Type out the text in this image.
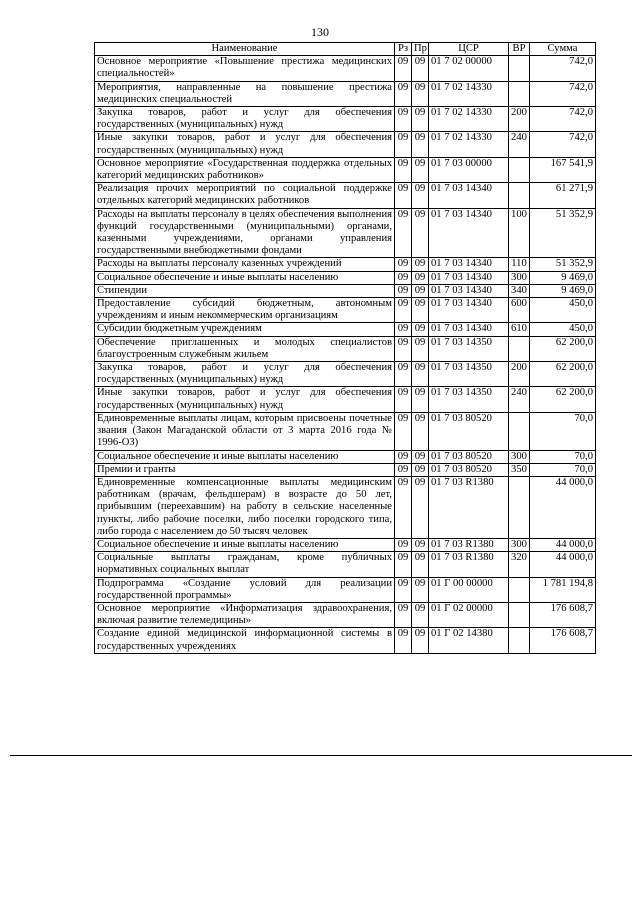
130
Наименование	Рз	Пр	ЦСР	ВР	Сумма
Основное мероприятие «Повышение престижа медицинских специальностей»	09	09	01 7 02 00000		742,0
Мероприятия, направленные на повышение престижа медицинских специальностей	09	09	01 7 02 14330		742,0
Закупка товаров, работ и услуг для обеспечения государственных (муниципальных) нужд	09	09	01 7 02 14330	200	742,0
Иные закупки товаров, работ и услуг для обеспечения государственных (муниципальных) нужд	09	09	01 7 02 14330	240	742,0
Основное мероприятие «Государственная поддержка отдельных категорий медицинских работников»	09	09	01 7 03 00000		167 541,9
Реализация прочих мероприятий по социальной поддержке отдельных категорий медицинских работников	09	09	01 7 03 14340		61 271,9
Расходы на выплаты персоналу в целях обеспечения выполнения функций государственными (муниципальными) органами, казенными учреждениями, органами управления государственными внебюджетными фондами	09	09	01 7 03 14340	100	51 352,9
Расходы на выплаты персоналу казенных учреждений	09	09	01 7 03 14340	110	51 352,9
Социальное обеспечение и иные выплаты населению	09	09	01 7 03 14340	300	9 469,0
Стипендии	09	09	01 7 03 14340	340	9 469,0
Предоставление субсидий бюджетным, автономным учреждениям и иным некоммерческим организациям	09	09	01 7 03 14340	600	450,0
Субсидии бюджетным учреждениям	09	09	01 7 03 14340	610	450,0
Обеспечение приглашенных и молодых специалистов благоустроенным служебным жильем	09	09	01 7 03 14350		62 200,0
Закупка товаров, работ и услуг для обеспечения государственных (муниципальных) нужд	09	09	01 7 03 14350	200	62 200,0
Иные закупки товаров, работ и услуг для обеспечения государственных (муниципальных) нужд	09	09	01 7 03 14350	240	62 200,0
Единовременные выплаты лицам, которым присвоены почетные звания (Закон Магаданской области от 3 марта 2016 года № 1996-ОЗ)	09	09	01 7 03 80520		70,0
Социальное обеспечение и иные выплаты населению	09	09	01 7 03 80520	300	70,0
Премии и гранты	09	09	01 7 03 80520	350	70,0
Единовременные компенсационные выплаты медицинским работникам (врачам, фельдшерам) в возрасте до 50 лет, прибывшим (переехавшим) на работу в сельские населенные пункты, либо рабочие поселки, либо поселки городского типа, либо города с населением до 50 тысяч человек	09	09	01 7 03 R1380		44 000,0
Социальное обеспечение и иные выплаты населению	09	09	01 7 03 R1380	300	44 000,0
Социальные выплаты гражданам, кроме публичных нормативных социальных выплат	09	09	01 7 03 R1380	320	44 000,0
Подпрограмма «Создание условий для реализации государственной программы»	09	09	01 Г 00 00000		1 781 194,8
Основное мероприятие «Информатизация здравоохранения, включая развитие телемедицины»	09	09	01 Г 02 00000		176 608,7
Создание единой медицинской информационной системы в государственных учреждениях	09	09	01 Г 02 14380		176 608,7
